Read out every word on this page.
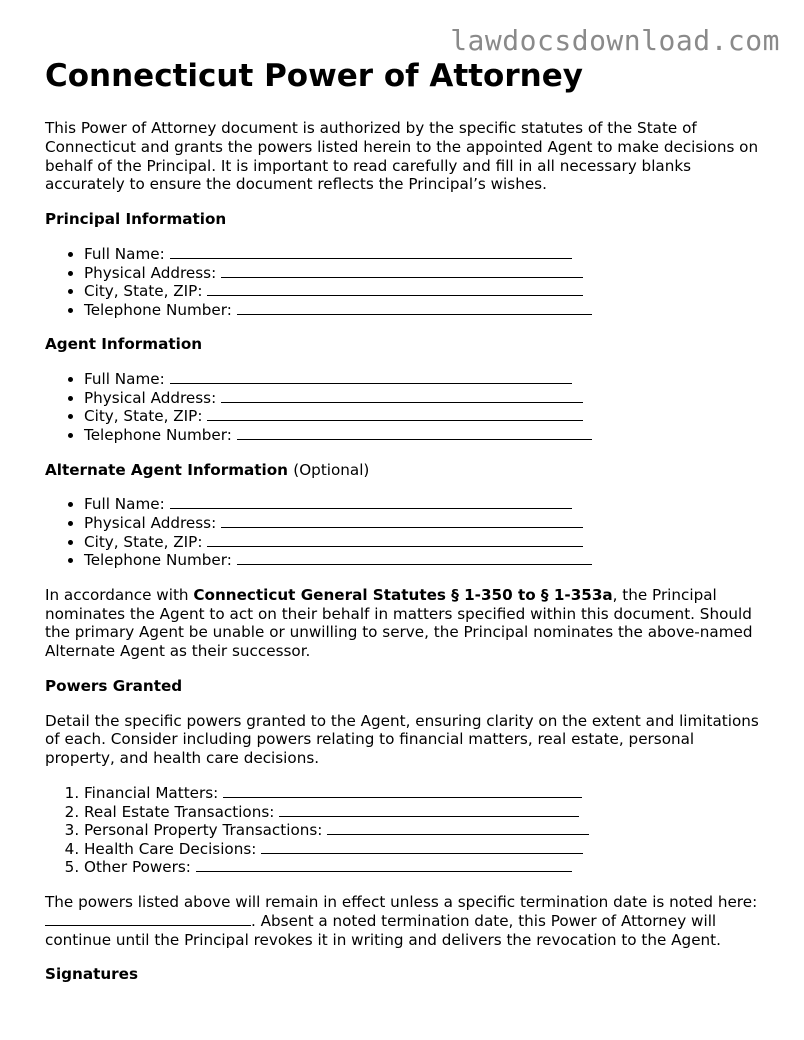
lawdocsdownload.com
Connecticut Power of Attorney

This Power of Attorney document is authorized by the specific statutes of the State of Connecticut and grants the powers listed herein to the appointed Agent to make decisions on behalf of the Principal. It is important to read carefully and fill in all necessary blanks accurately to ensure the document reflects the Principal’s wishes.

Principal Information
• Full Name:
• Physical Address:
• City, State, ZIP:
• Telephone Number:
Agent Information
• Full Name:
• Physical Address:
• City, State, ZIP:
• Telephone Number:
Alternate Agent Information (Optional)
• Full Name:
• Physical Address:
• City, State, ZIP:
• Telephone Number:

In accordance with Connecticut General Statutes § 1-350 to § 1-353a, the Principal nominates the Agent to act on their behalf in matters specified within this document. Should the primary Agent be unable or unwilling to serve, the Principal nominates the above-named Alternate Agent as their successor.

Powers Granted

Detail the specific powers granted to the Agent, ensuring clarity on the extent and limitations of each. Consider including powers relating to financial matters, real estate, personal property, and health care decisions.

1. Financial Matters:
2. Real Estate Transactions:
3. Personal Property Transactions:
4. Health Care Decisions:
5. Other Powers:

The powers listed above will remain in effect unless a specific termination date is noted here: . Absent a noted termination date, this Power of Attorney will continue until the Principal revokes it in writing and delivers the revocation to the Agent.

Signatures
